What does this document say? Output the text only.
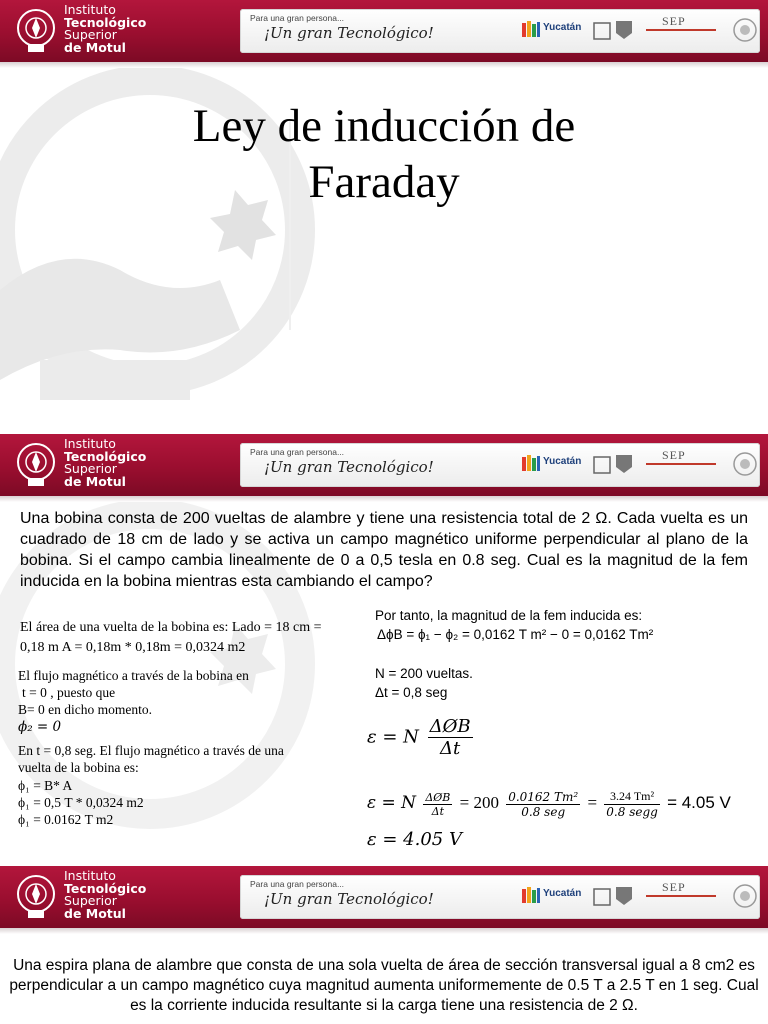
Instituto
Tecnológico
Superior
de Motul
Para una gran persona...
¡Un gran Tecnológico!	Yucatán	SEP
Ley de inducción de
Faraday
Instituto
Tecnológico
Superior
de Motul
Para una gran persona...
¡Un gran Tecnológico!	Yucatán	SEP
Una bobina consta de 200 vueltas de alambre y tiene una resistencia total de 2 Ω. Cada vuelta es un cuadrado de 18 cm de lado y se activa un campo magnético uniforme perpendicular al plano de la bobina. Si el campo cambia linealmente de 0 a 0,5 tesla en 0.8 seg. Cual es la magnitud de la fem inducida en la bobina mientras esta cambiando el campo?
El área de una vuelta de la bobina es: Lado = 18 cm = 0,18 m A = 0,18m * 0,18m = 0,0324 m2
El flujo magnético a través de la bobina en
t = 0 , puesto que
B= 0 en dicho momento.
ϕ₂ = 0
En t = 0,8 seg. El flujo magnético a través de una vuelta de la bobina es:
ϕ₁ = B* A
ϕ₁ = 0,5 T * 0,0324 m2
ϕ₁ = 0.0162 T m2
Por tanto, la magnitud de la fem inducida es:
ΔϕB = ϕ₁ − ϕ₂ = 0,0162 T m² − 0 = 0,0162 Tm²
N = 200 vueltas.
Δt = 0,8 seg
ε = N $\frac{\text{ΔØB}}{\Delta t}$
ε = N $\frac{\text{ΔØB}}{\Delta t} = 200 \frac{\text{0.0162 Tm²}}{\text{0.8 seg}} = \frac{\text{3.24 Tm²}}{\text{0.8 segg}} = 4.05$ V
ε = 4.05 V
Instituto
Tecnológico
Superior
de Motul
Para una gran persona...
¡Un gran Tecnológico!	Yucatán	SEP
Una espira plana de alambre que consta de una sola vuelta de área de sección transversal igual a 8 cm2 es perpendicular a un campo magnético cuya magnitud aumenta uniformemente de 0.5 T a 2.5 T en 1 seg. Cual es la corriente inducida resultante si la carga tiene una resistencia de 2 Ω.
